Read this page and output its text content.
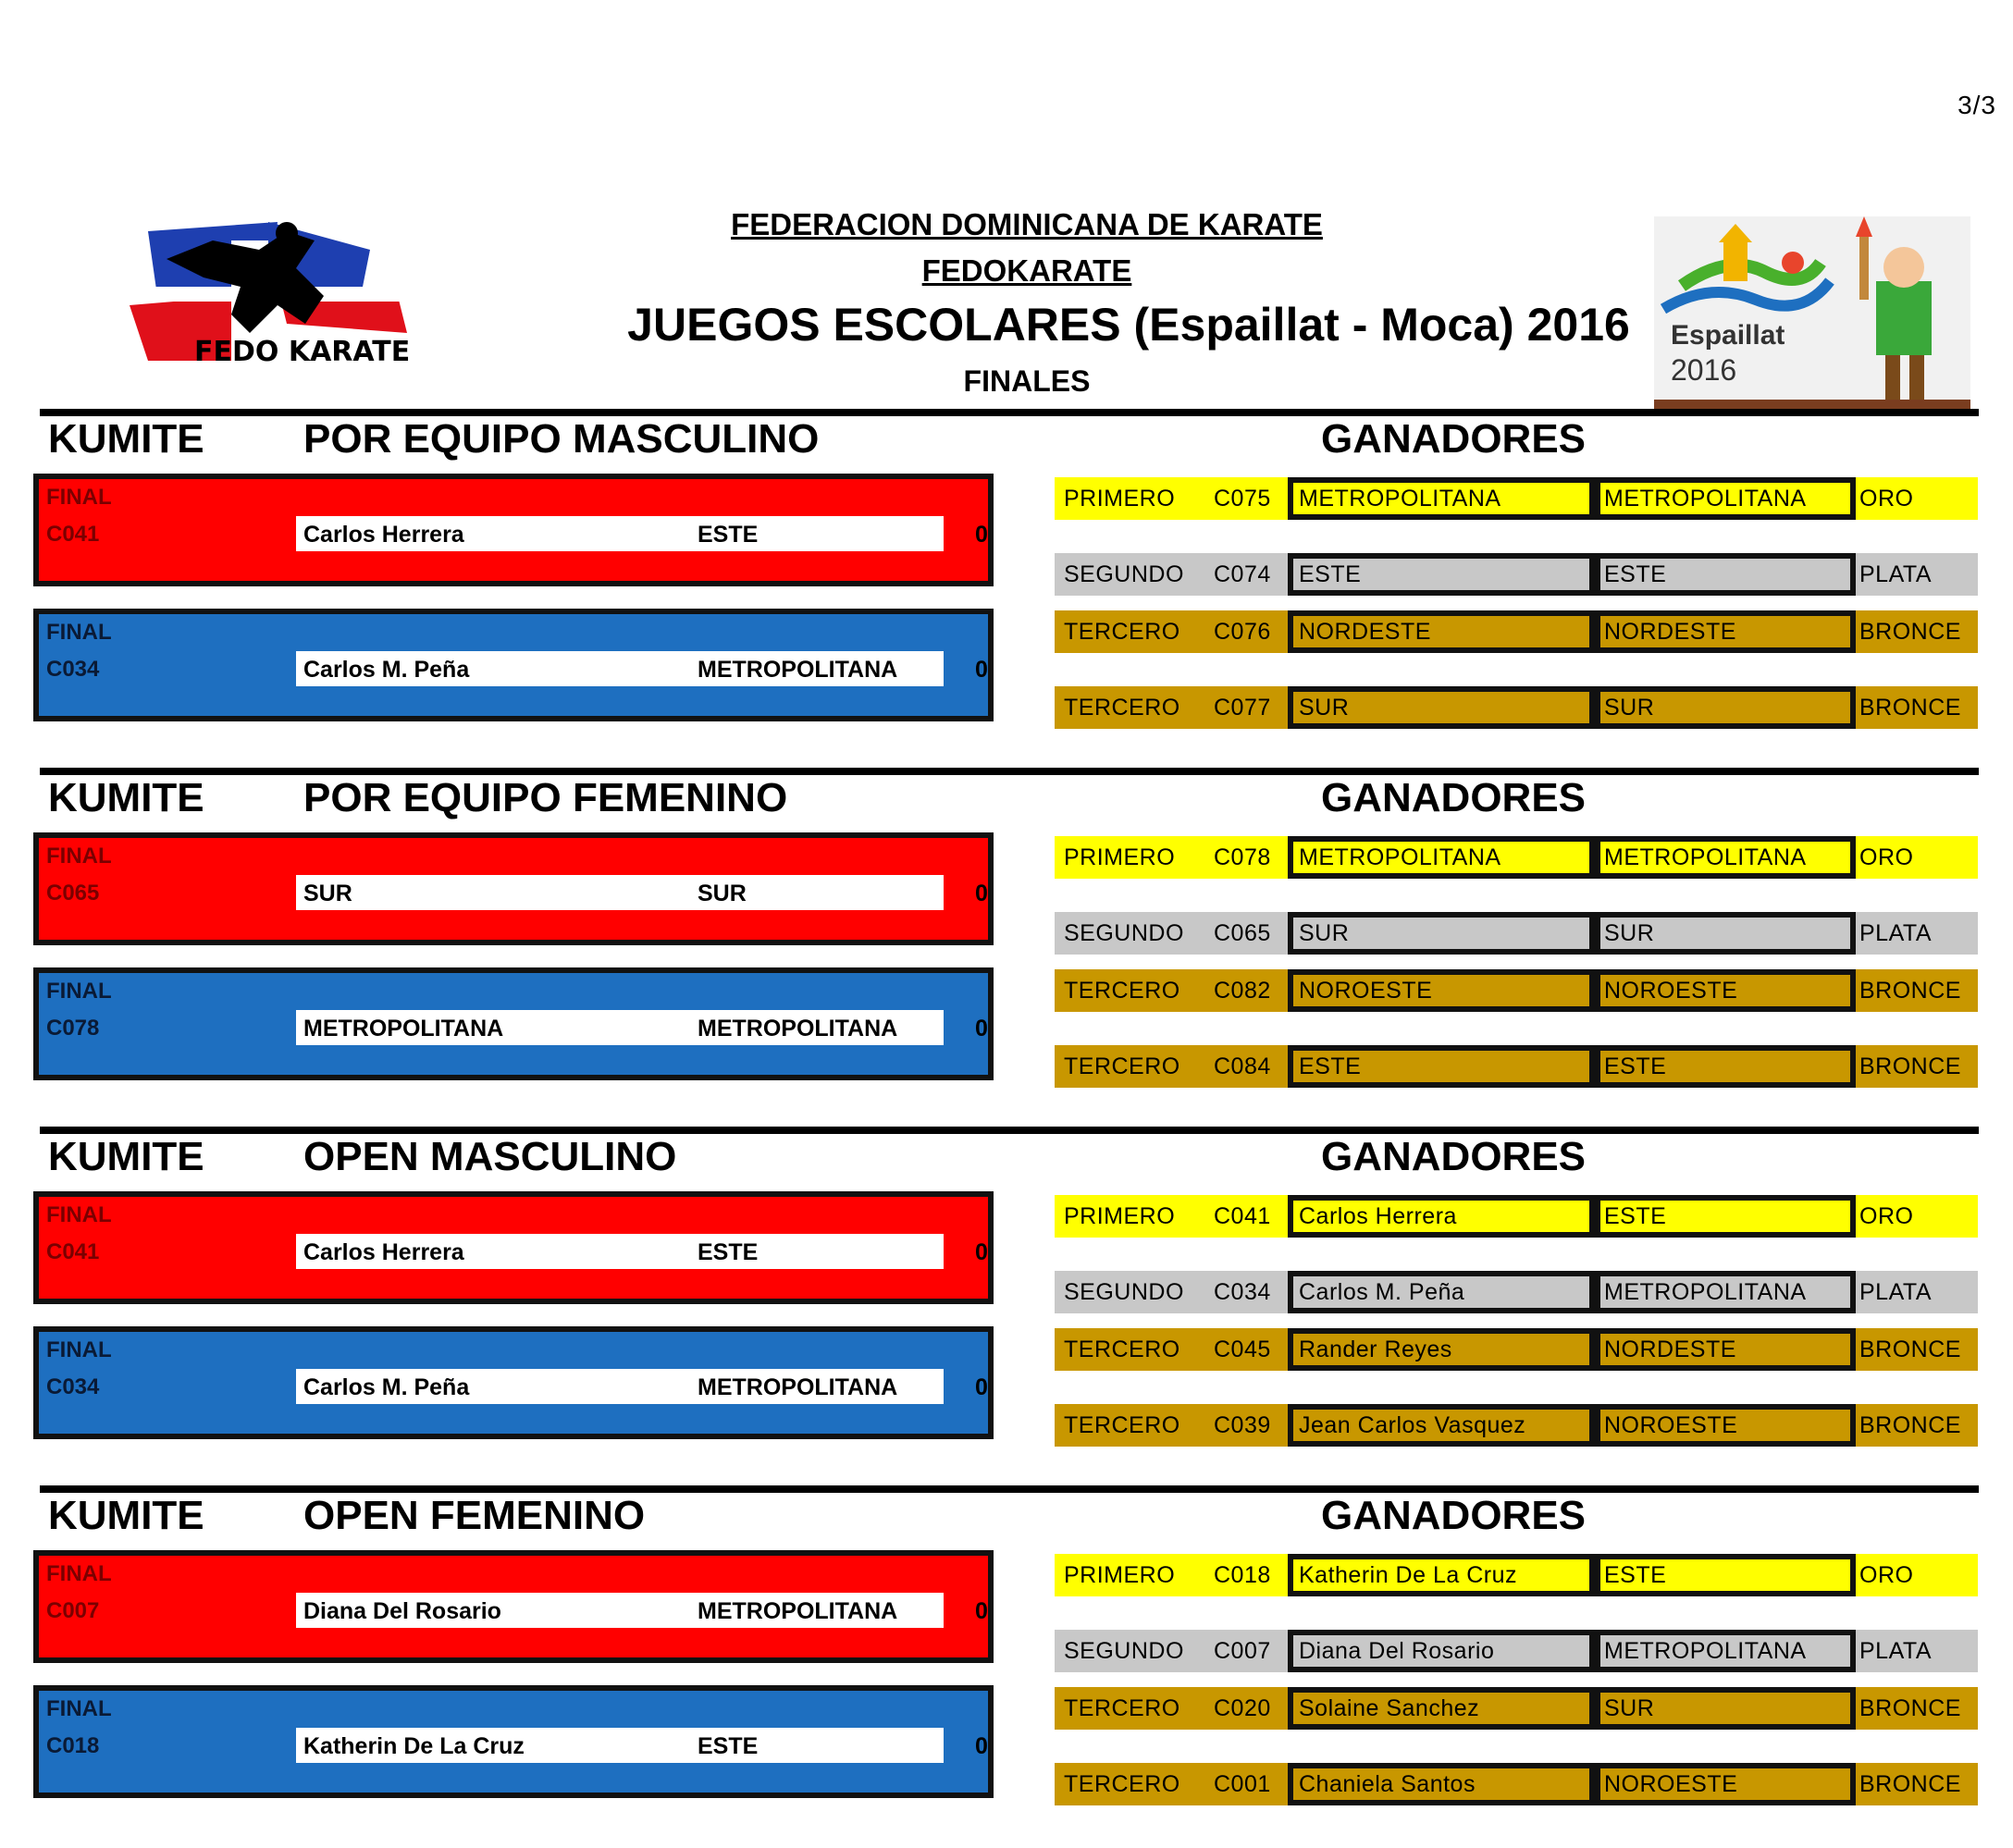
3/3
FEDO KARATE
FEDERACION DOMINICANA DE KARATE
FEDOKARATE
JUEGOS ESCOLARES (Espaillat - Moca) 2016
FINALES
Espaillat
2016
KUMITE POR EQUIPO MASCULINO	GANADORES
FINAL
C041	Carlos Herrera	ESTE	0
FINAL
C034	Carlos M. Peña	METROPOLITANA	0
PRIMERO C075 METROPOLITANA	METROPOLITANA ORO
SEGUNDO C074 ESTE	ESTE	PLATA
TERCERO C076 NORDESTE	NORDESTE	BRONCE
TERCERO C077 SUR	SUR	BRONCE
KUMITE POR EQUIPO FEMENINO	GANADORES
FINAL
C065	SUR	SUR	0
FINAL
C078	METROPOLITANA	METROPOLITANA	0
PRIMERO C078 METROPOLITANA	METROPOLITANA ORO
SEGUNDO C065 SUR	SUR	PLATA
TERCERO C082 NOROESTE	NOROESTE	BRONCE
TERCERO C084 ESTE	ESTE	BRONCE
KUMITE OPEN MASCULINO	GANADORES
FINAL
C041	Carlos Herrera	ESTE	0
FINAL
C034	Carlos M. Peña	METROPOLITANA	0
PRIMERO C041 Carlos Herrera	ESTE	ORO
SEGUNDO C034 Carlos M. Peña	METROPOLITANA PLATA
TERCERO C045 Rander Reyes	NORDESTE	BRONCE
TERCERO C039 Jean Carlos Vasquez	NOROESTE	BRONCE
KUMITE OPEN FEMENINO	GANADORES
FINAL
C007	Diana Del Rosario	METROPOLITANA	0
FINAL
C018	Katherin De La Cruz	ESTE	0
PRIMERO C018 Katherin De La Cruz	ESTE	ORO
SEGUNDO C007 Diana Del Rosario	METROPOLITANA PLATA
TERCERO C020 Solaine Sanchez	SUR	BRONCE
TERCERO C001 Chaniela Santos	NOROESTE	BRONCE
